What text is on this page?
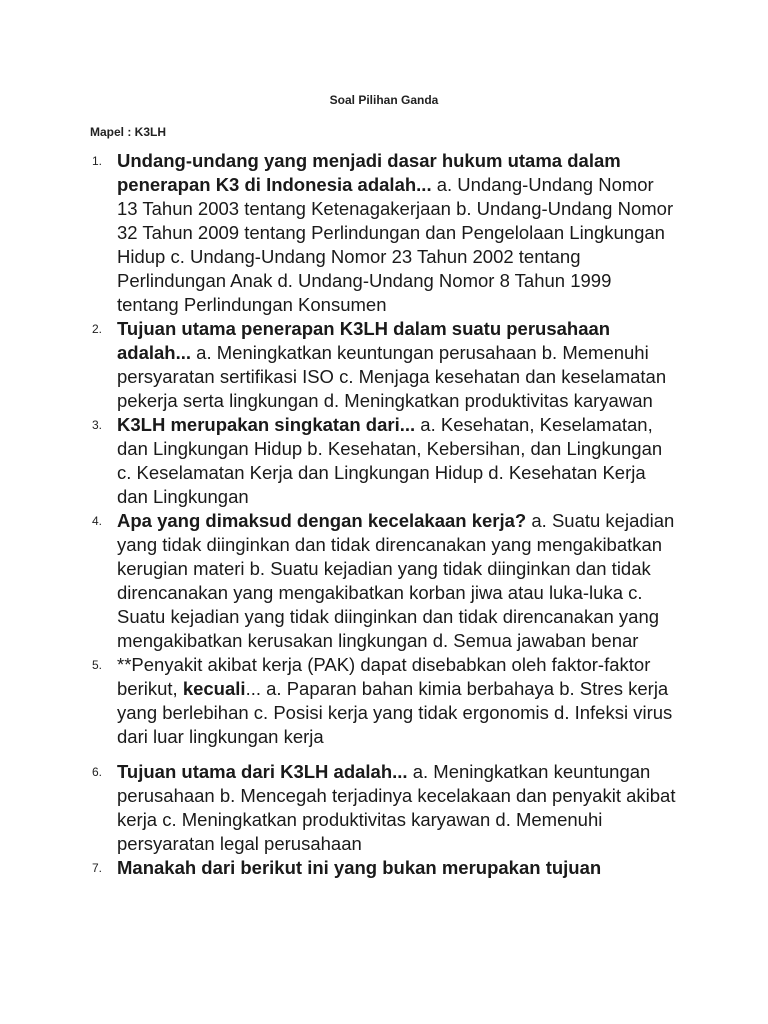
Soal Pilihan Ganda
Mapel : K3LH
1. Undang-undang yang menjadi dasar hukum utama dalam penerapan K3 di Indonesia adalah... a. Undang-Undang Nomor 13 Tahun 2003 tentang Ketenagakerjaan b. Undang-Undang Nomor 32 Tahun 2009 tentang Perlindungan dan Pengelolaan Lingkungan Hidup c. Undang-Undang Nomor 23 Tahun 2002 tentang Perlindungan Anak d. Undang-Undang Nomor 8 Tahun 1999 tentang Perlindungan Konsumen
2. Tujuan utama penerapan K3LH dalam suatu perusahaan adalah... a. Meningkatkan keuntungan perusahaan b. Memenuhi persyaratan sertifikasi ISO c. Menjaga kesehatan dan keselamatan pekerja serta lingkungan d. Meningkatkan produktivitas karyawan
3. K3LH merupakan singkatan dari... a. Kesehatan, Keselamatan, dan Lingkungan Hidup b. Kesehatan, Kebersihan, dan Lingkungan c. Keselamatan Kerja dan Lingkungan Hidup d. Kesehatan Kerja dan Lingkungan
4. Apa yang dimaksud dengan kecelakaan kerja? a. Suatu kejadian yang tidak diinginkan dan tidak direncanakan yang mengakibatkan kerugian materi b. Suatu kejadian yang tidak diinginkan dan tidak direncanakan yang mengakibatkan korban jiwa atau luka-luka c. Suatu kejadian yang tidak diinginkan dan tidak direncanakan yang mengakibatkan kerusakan lingkungan d. Semua jawaban benar
5. **Penyakit akibat kerja (PAK) dapat disebabkan oleh faktor-faktor berikut, kecuali... a. Paparan bahan kimia berbahaya b. Stres kerja yang berlebihan c. Posisi kerja yang tidak ergonomis d. Infeksi virus dari luar lingkungan kerja
6. Tujuan utama dari K3LH adalah... a. Meningkatkan keuntungan perusahaan b. Mencegah terjadinya kecelakaan dan penyakit akibat kerja c. Meningkatkan produktivitas karyawan d. Memenuhi persyaratan legal perusahaan
7. Manakah dari berikut ini yang bukan merupakan tujuan
